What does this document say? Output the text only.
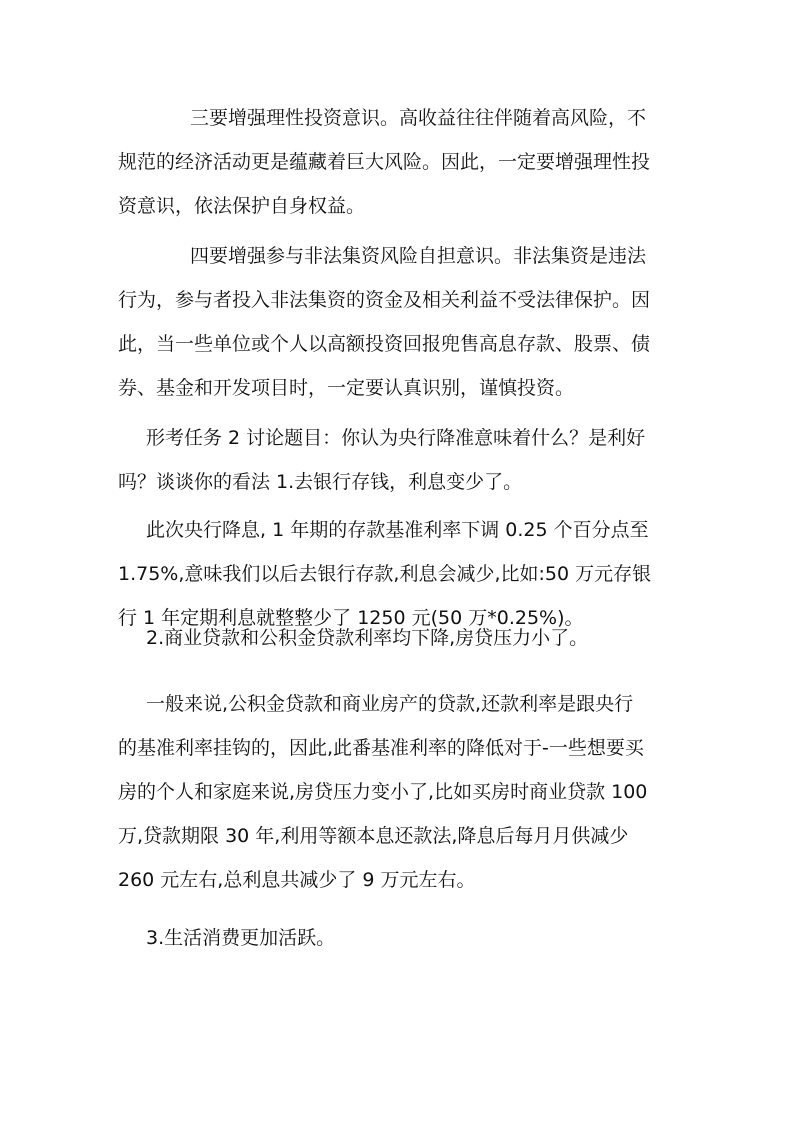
三要增强理性投资意识。高收益往往伴随着高风险，不
规范的经济活动更是蕴藏着巨大风险。因此，一定要增强理性投
资意识，依法保护自身权益。
四要增强参与非法集资风险自担意识。非法集资是违法
行为，参与者投入非法集资的资金及相关利益不受法律保护。因
此，当一些单位或个人以高额投资回报兜售高息存款、股票、债
券、基金和开发项目时，一定要认真识别，谨慎投资。
形考任务 2 讨论题目：你认为央行降准意味着什么？是利好
吗？谈谈你的看法 1.去银行存钱，利息变少了。
此次央行降息, 1 年期的存款基准利率下调 0.25 个百分点至
1.75%,意味我们以后去银行存款,利息会减少,比如:50 万元存银
行 1 年定期利息就整整少了 1250 元(50 万*0.25%)。
2.商业贷款和公积金贷款利率均下降,房贷压力小了。
一般来说,公积金贷款和商业房产的贷款,还款利率是跟央行
的基准利率挂钩的，因此,此番基准利率的降低对于-一些想要买
房的个人和家庭来说,房贷压力变小了,比如买房时商业贷款 100
万,贷款期限 30 年,利用等额本息还款法,降息后每月月供减少
260 元左右,总利息共减少了 9 万元左右。
3.生活消费更加活跃。
